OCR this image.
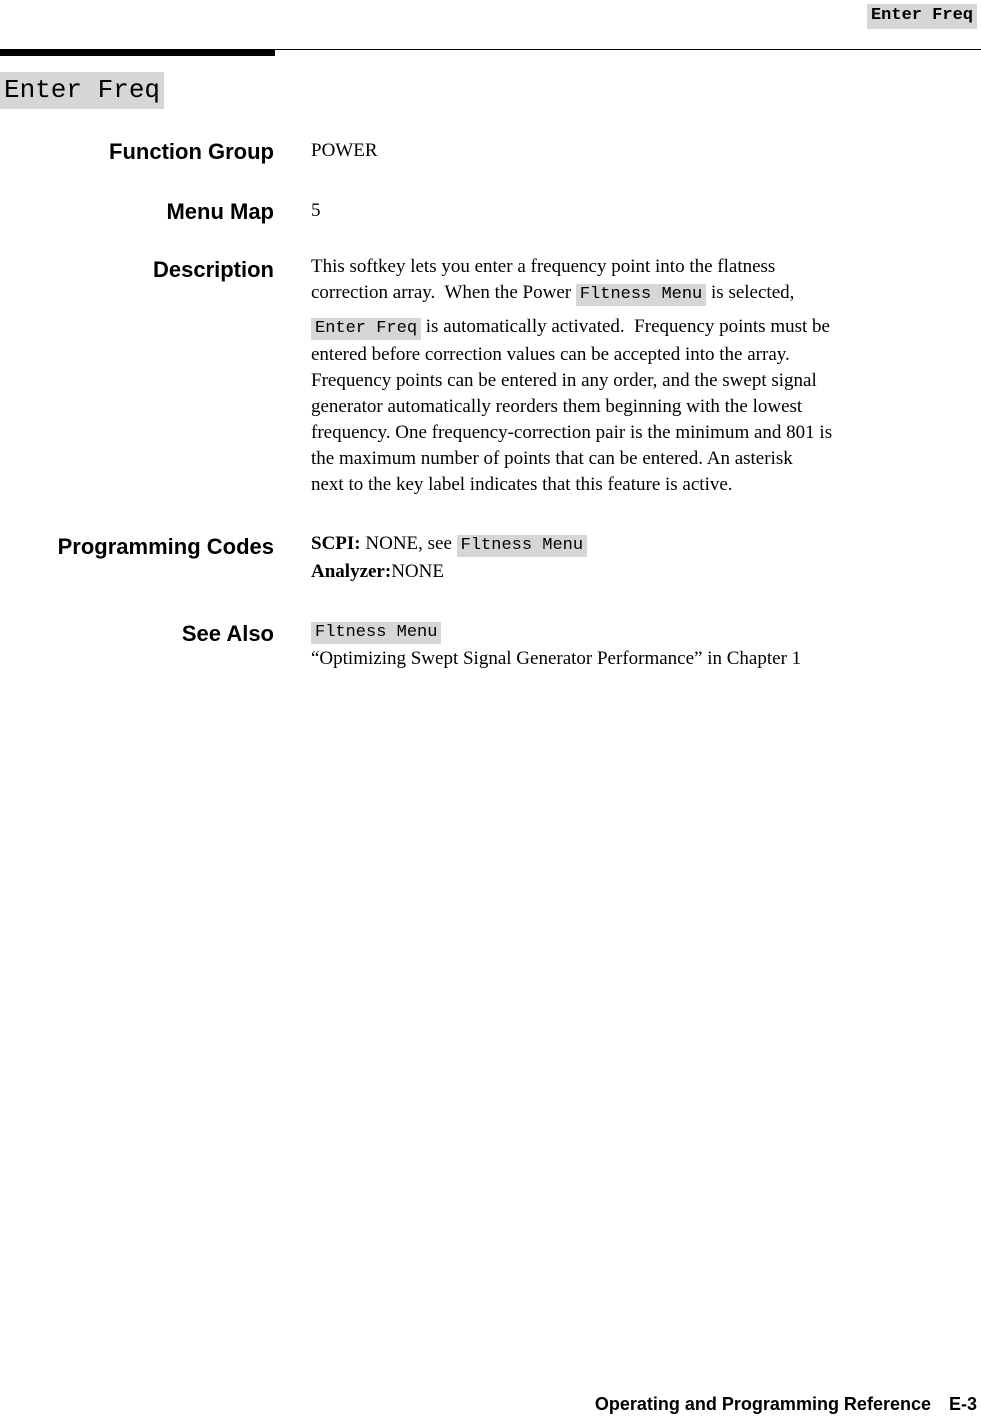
Enter Freq
Enter Freq
Function Group POWER
Menu Map 5
Description This softkey lets you enter a frequency point into the flatness
correction array.  When the Power Fltness Menu is selected,
Enter Freq is automatically activated.  Frequency points must be
entered before correction values can be accepted into the array.
Frequency points can be entered in any order, and the swept signal
generator automatically reorders them beginning with the lowest
frequency. One frequency-correction pair is the minimum and 801 is
the maximum number of points that can be entered. An asterisk
next to the key label indicates that this feature is active.
Programming Codes SCPI: NONE, see Fltness Menu
Analyzer:NONE
See Also Fltness Menu
“Optimizing Swept Signal Generator Performance” in Chapter 1
Operating and Programming Reference E-3
